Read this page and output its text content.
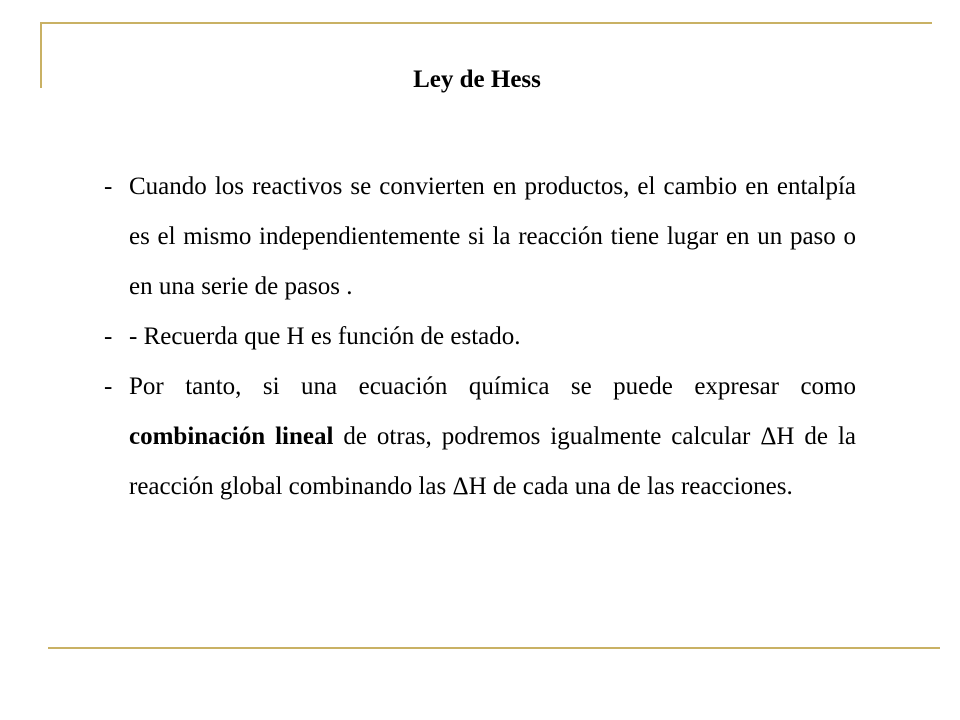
Ley de Hess

- Cuando los reactivos se convierten en productos, el cambio en entalpía es el mismo independientemente si la reacción tiene lugar en un paso o en una serie de pasos .

- - Recuerda que H es función de estado.

- Por tanto, si una ecuación química se puede expresar como combinación lineal de otras, podremos igualmente calcular ΔH de la reacción global combinando las ΔH de cada una de las reacciones.
